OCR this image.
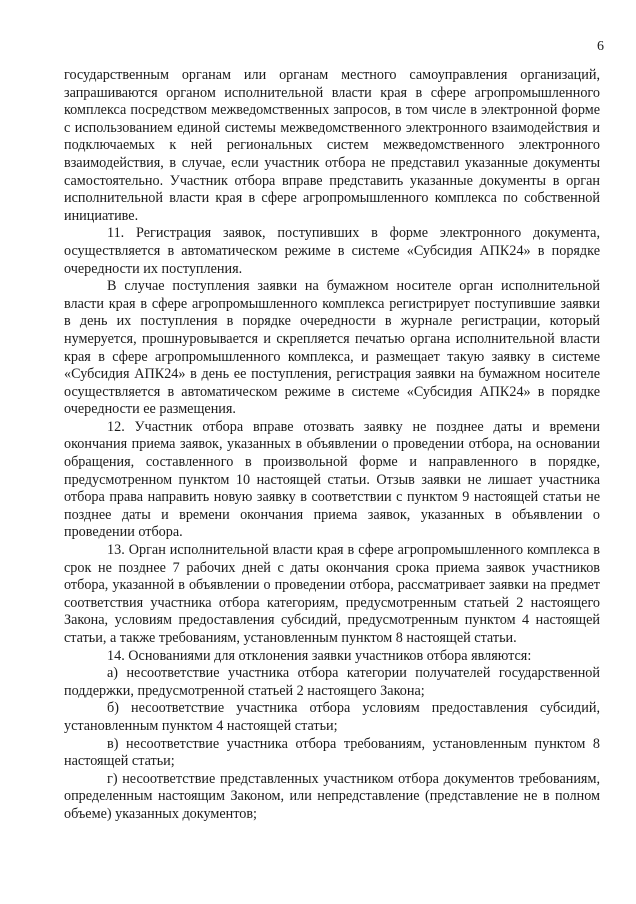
6

государственным органам или органам местного самоуправления организаций, запрашиваются органом исполнительной власти края в сфере агропромышленного комплекса посредством межведомственных запросов, в том числе в электронной форме с использованием единой системы межведомственного электронного взаимодействия и подключаемых к ней региональных систем межведомственного электронного взаимодействия, в случае, если участник отбора не представил указанные документы самостоятельно. Участник отбора вправе представить указанные документы в орган исполнительной власти края в сфере агропромышленного комплекса по собственной инициативе.

11. Регистрация заявок, поступивших в форме электронного документа, осуществляется в автоматическом режиме в системе «Субсидия АПК24» в порядке очередности их поступления.

В случае поступления заявки на бумажном носителе орган исполнительной власти края в сфере агропромышленного комплекса регистрирует поступившие заявки в день их поступления в порядке очередности в журнале регистрации, который нумеруется, прошнуровывается и скрепляется печатью органа исполнительной власти края в сфере агропромышленного комплекса, и размещает такую заявку в системе «Субсидия АПК24» в день ее поступления, регистрация заявки на бумажном носителе осуществляется в автоматическом режиме в системе «Субсидия АПК24» в порядке очередности ее размещения.

12. Участник отбора вправе отозвать заявку не позднее даты и времени окончания приема заявок, указанных в объявлении о проведении отбора, на основании обращения, составленного в произвольной форме и направленного в порядке, предусмотренном пунктом 10 настоящей статьи. Отзыв заявки не лишает участника отбора права направить новую заявку в соответствии с пунктом 9 настоящей статьи не позднее даты и времени окончания приема заявок, указанных в объявлении о проведении отбора.

13. Орган исполнительной власти края в сфере агропромышленного комплекса в срок не позднее 7 рабочих дней с даты окончания срока приема заявок участников отбора, указанной в объявлении о проведении отбора, рассматривает заявки на предмет соответствия участника отбора категориям, предусмотренным статьей 2 настоящего Закона, условиям предоставления субсидий, предусмотренным пунктом 4 настоящей статьи, а также требованиям, установленным пунктом 8 настоящей статьи.

14. Основаниями для отклонения заявки участников отбора являются:

а) несоответствие участника отбора категории получателей государственной поддержки, предусмотренной статьей 2 настоящего Закона;

б) несоответствие участника отбора условиям предоставления субсидий, установленным пунктом 4 настоящей статьи;

в) несоответствие участника отбора требованиям, установленным пунктом 8 настоящей статьи;

г) несоответствие представленных участником отбора документов требованиям, определенным настоящим Законом, или непредставление (представление не в полном объеме) указанных документов;
